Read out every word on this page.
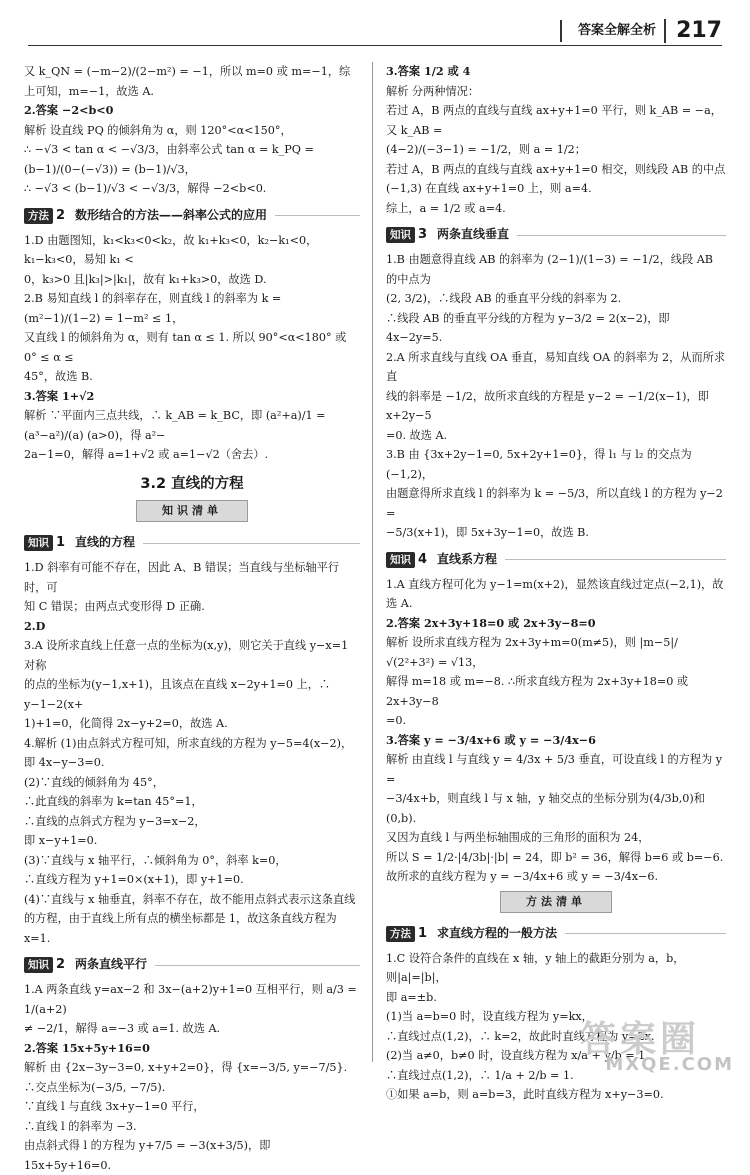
答案全解全析 217

又 k_QN = (−m−2)/(2−m²) = −1，所以 m=0 或 m=−1，综上可知，m=−1，故选 A.

2.答案 −2<b<0

解析 设直线 PQ 的倾斜角为 α，则 120°<α<150°，

∴ −√3 < tan α < −√3/3，由斜率公式 tan α = k_PQ = (b−1)/(0−(−√3)) = (b−1)/√3，

∴ −√3 < (b−1)/√3 < −√3/3，解得 −2<b<0.

方法 2 数形结合的方法——斜率公式的应用

1.D 由题图知，k₁<k₃<0<k₂，故 k₁+k₃<0，k₂−k₁<0，k₁−k₃<0，易知 k₁ <

0，k₃>0 且|k₃|>|k₁|，故有 k₁+k₃>0，故选 D.

2.B 易知直线 l 的斜率存在，则直线 l 的斜率为 k = (m²−1)/(1−2) = 1−m² ≤ 1，

又直线 l 的倾斜角为 α，则有 tan α ≤ 1. 所以 90°<α<180° 或 0° ≤ α ≤

45°，故选 B.

3.答案 1+√2

解析 ∵平面内三点共线，∴ k_AB = k_BC，即 (a²+a)/1 = (a³−a²)/(a) (a>0)，得 a²−

2a−1=0，解得 a=1+√2 或 a=1−√2（舍去）.

3.2 直线的方程
知识清单
知识 1 直线的方程

1.D 斜率有可能不存在，因此 A、B 错误；当直线与坐标轴平行时，可

知 C 错误；由两点式变形得 D 正确.

2.D

3.A 设所求直线上任意一点的坐标为(x,y)，则它关于直线 y−x=1 对称

的点的坐标为(y−1,x+1)，且该点在直线 x−2y+1=0 上，∴ y−1−2(x+

1)+1=0，化简得 2x−y+2=0，故选 A.

4.解析 (1)由点斜式方程可知，所求直线的方程为 y−5=4(x−2)，

即 4x−y−3=0.

(2)∵直线的倾斜角为 45°，

∴此直线的斜率为 k=tan 45°=1，

∴直线的点斜式方程为 y−3=x−2，

即 x−y+1=0.

(3)∵直线与 x 轴平行，∴倾斜角为 0°，斜率 k=0，

∴直线方程为 y+1=0×(x+1)，即 y+1=0.

(4)∵直线与 x 轴垂直，斜率不存在，故不能用点斜式表示这条直线

的方程，由于直线上所有点的横坐标都是 1，故这条直线方程为 x=1.

知识 2 两条直线平行

1.A 两条直线 y=ax−2 和 3x−(a+2)y+1=0 互相平行，则 a/3 = 1/(a+2)

≠ −2/1，解得 a=−3 或 a=1. 故选 A.

2.答案 15x+5y+16=0

解析 由 {2x−3y−3=0, x+y+2=0}，得 {x=−3/5, y=−7/5}.

∴交点坐标为(−3/5, −7/5).

∵直线 l 与直线 3x+y−1=0 平行，

∴直线 l 的斜率为 −3.

由点斜式得 l 的方程为 y+7/5 = −3(x+3/5)，即 15x+5y+16=0.

3.答案 1/2 或 4

解析 分两种情况：

若过 A，B 两点的直线与直线 ax+y+1=0 平行，则 k_AB = −a，又 k_AB =

(4−2)/(−3−1) = −1/2，则 a = 1/2；

若过 A，B 两点的直线与直线 ax+y+1=0 相交，则线段 AB 的中点

(−1,3) 在直线 ax+y+1=0 上，则 a=4.

综上，a = 1/2 或 a=4.

知识 3 两条直线垂直

1.B 由题意得直线 AB 的斜率为 (2−1)/(1−3) = −1/2，线段 AB 的中点为

(2, 3/2)，∴线段 AB 的垂直平分线的斜率为 2.

∴线段 AB 的垂直平分线的方程为 y−3/2 = 2(x−2)，即 4x−2y=5.

2.A 所求直线与直线 OA 垂直，易知直线 OA 的斜率为 2，从而所求直

线的斜率是 −1/2，故所求直线的方程是 y−2 = −1/2(x−1)，即 x+2y−5

=0. 故选 A.

3.B 由 {3x+2y−1=0, 5x+2y+1=0}，得 l₁ 与 l₂ 的交点为(−1,2)，

由题意得所求直线 l 的斜率为 k = −5/3，所以直线 l 的方程为 y−2 =

−5/3(x+1)，即 5x+3y−1=0，故选 B.

知识 4 直线系方程

1.A 直线方程可化为 y−1=m(x+2)，显然该直线过定点(−2,1)，故

选 A.

2.答案 2x+3y+18=0 或 2x+3y−8=0

解析 设所求直线方程为 2x+3y+m=0(m≠5)，则 |m−5|/√(2²+3²) = √13，

解得 m=18 或 m=−8. ∴所求直线方程为 2x+3y+18=0 或 2x+3y−8

=0.

3.答案 y = −3/4x+6 或 y = −3/4x−6

解析 由直线 l 与直线 y = 4/3x + 5/3 垂直，可设直线 l 的方程为 y =

−3/4x+b，则直线 l 与 x 轴，y 轴交点的坐标分别为(4/3b,0)和(0,b).

又因为直线 l 与两坐标轴围成的三角形的面积为 24，

所以 S = 1/2·|4/3b|·|b| = 24，即 b² = 36，解得 b=6 或 b=−6.

故所求的直线方程为 y = −3/4x+6 或 y = −3/4x−6.

方法清单
方法 1 求直线方程的一般方法

1.C 设符合条件的直线在 x 轴，y 轴上的截距分别为 a，b，则|a|=|b|，

即 a=±b.

(1)当 a=b=0 时，设直线方程为 y=kx，

∴直线过点(1,2)，∴ k=2，故此时直线方程为 y=2x.

(2)当 a≠0，b≠0 时，设直线方程为 x/a + y/b = 1.

∴直线过点(1,2)，∴ 1/a + 2/b = 1.

①如果 a=b，则 a=b=3，此时直线方程为 x+y−3=0.

答案圈
MXQE.COM
